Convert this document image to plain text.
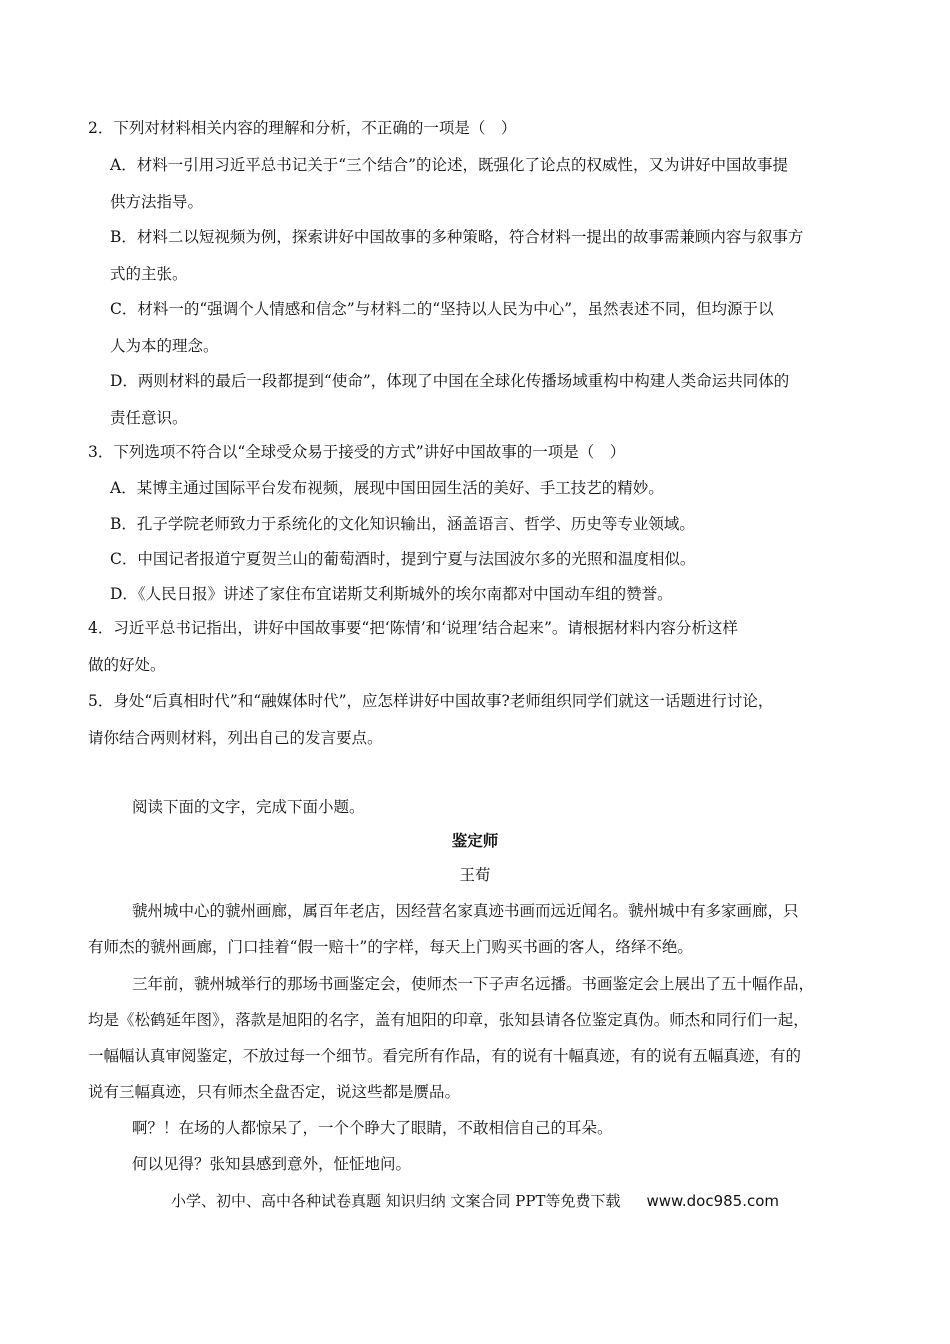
2．下列对材料相关内容的理解和分析，不正确的一项是（　）
A．材料一引用习近平总书记关于“三个结合”的论述，既强化了论点的权威性，又为讲好中国故事提
供方法指导。
B．材料二以短视频为例，探索讲好中国故事的多种策略，符合材料一提出的故事需兼顾内容与叙事方
式的主张。
C．材料一的“强调个人情感和信念”与材料二的“坚持以人民为中心”，虽然表述不同，但均源于以
人为本的理念。
D．两则材料的最后一段都提到“使命”，体现了中国在全球化传播场域重构中构建人类命运共同体的
责任意识。
3．下列选项不符合以“全球受众易于接受的方式”讲好中国故事的一项是（　）
A．某博主通过国际平台发布视频，展现中国田园生活的美好、手工技艺的精妙。
B．孔子学院老师致力于系统化的文化知识输出，涵盖语言、哲学、历史等专业领域。
C．中国记者报道宁夏贺兰山的葡萄酒时，提到宁夏与法国波尔多的光照和温度相似。
D．《人民日报》讲述了家住布宜诺斯艾利斯城外的埃尔南都对中国动车组的赞誉。
4．习近平总书记指出，讲好中国故事要“把‘陈情’和‘说理’结合起来”。请根据材料内容分析这样
做的好处。
5．身处“后真相时代”和“融媒体时代”，应怎样讲好中国故事?老师组织同学们就这一话题进行讨论，
请你结合两则材料，列出自己的发言要点。
阅读下面的文字，完成下面小题。
鉴定师
王荀
虢州城中心的虢州画廊，属百年老店，因经营名家真迹书画而远近闻名。虢州城中有多家画廊，只
有师杰的虢州画廊，门口挂着“假一赔十”的字样，每天上门购买书画的客人，络绎不绝。
三年前，虢州城举行的那场书画鉴定会，使师杰一下子声名远播。书画鉴定会上展出了五十幅作品，
均是《松鹤延年图》，落款是旭阳的名字，盖有旭阳的印章，张知县请各位鉴定真伪。师杰和同行们一起，
一幅幅认真审阅鉴定，不放过每一个细节。看完所有作品，有的说有十幅真迹，有的说有五幅真迹，有的
说有三幅真迹，只有师杰全盘否定，说这些都是赝品。
啊？！在场的人都惊呆了，一个个睁大了眼睛，不敢相信自己的耳朵。
何以见得？张知县感到意外，怔怔地问。
小学、初中、高中各种试卷真题 知识归纳 文案合同 PPT等免费下载 www.doc985.com
